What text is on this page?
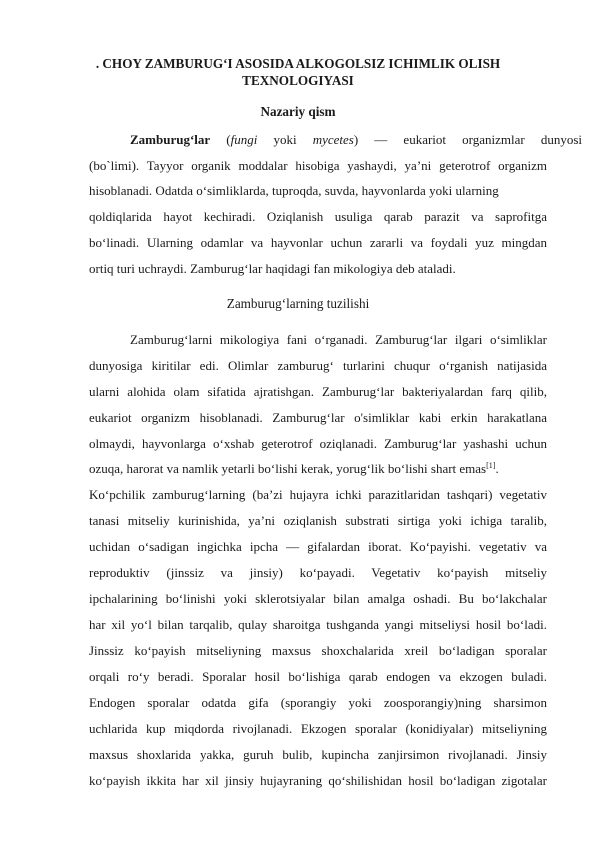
. CHOY ZAMBURUG‘I ASOSIDA ALKOGOLSIZ ICHIMLIK OLISH
TEXNOLOGIYASI
Nazariy qism
Zamburug‘lar (fungi yoki mycetes) — eukariot organizmlar dunyosi
(bo`limi). Tayyor organik moddalar hisobiga yashaydi, ya’ni geterotrof organizm
hisoblanadi. Odatda o‘simliklarda, tuproqda, suvda, hayvonlarda yoki ularning
qoldiqlarida hayot kechiradi. Oziqlanish usuliga qarab parazit va saprofitga
bo‘linadi. Ularning odamlar va hayvonlar uchun zararli va foydali yuz mingdan
ortiq turi uchraydi. Zamburug‘lar haqidagi fan mikologiya deb ataladi.
Zamburug‘larning tuzilishi
Zamburug‘larni mikologiya fani o‘rganadi. Zamburug‘lar ilgari o‘simliklar
dunyosiga kiritilar edi. Olimlar zamburug‘ turlarini chuqur o‘rganish natijasida
ularni alohida olam sifatida ajratishgan. Zamburug‘lar bakteriyalardan farq qilib,
eukariot organizm hisoblanadi. Zamburug‘lar o'simliklar kabi erkin harakatlana
olmaydi, hayvonlarga o‘xshab geterotrof oziqlanadi. Zamburug‘lar yashashi uchun
ozuqa, harorat va namlik yetarli bo‘lishi kerak, yorug‘lik bo‘lishi shart emas[1].
Ko‘pchilik zamburug‘larning (ba’zi hujayra ichki parazitlaridan tashqari) vegetativ
tanasi mitseliy kurinishida, ya’ni oziqlanish substrati sirtiga yoki ichiga taralib,
uchidan o‘sadigan ingichka ipcha — gifalardan iborat. Ko‘payishi. vegetativ va
reproduktiv (jinssiz va jinsiy) ko‘payadi. Vegetativ ko‘payish mitseliy
ipchalarining bo‘linishi yoki sklerotsiyalar bilan amalga oshadi. Bu bo‘lakchalar
har xil yo‘l bilan tarqalib, qulay sharoitga tushganda yangi mitseliysi hosil bo‘ladi.
Jinssiz ko‘payish mitseliyning maxsus shoxchalarida xreil bo‘ladigan sporalar
orqali ro‘y beradi. Sporalar hosil bo‘lishiga qarab endogen va ekzogen buladi.
Endogen sporalar odatda gifa (sporangiy yoki zoosporangiy)ning sharsimon
uchlarida kup miqdorda rivojlanadi. Ekzogen sporalar (konidiyalar) mitseliyning
maxsus shoxlarida yakka, guruh bulib, kupincha zanjirsimon rivojlanadi. Jinsiy
ko‘payish ikkita har xil jinsiy hujayraning qo‘shilishidan hosil bo‘ladigan zigotalar
